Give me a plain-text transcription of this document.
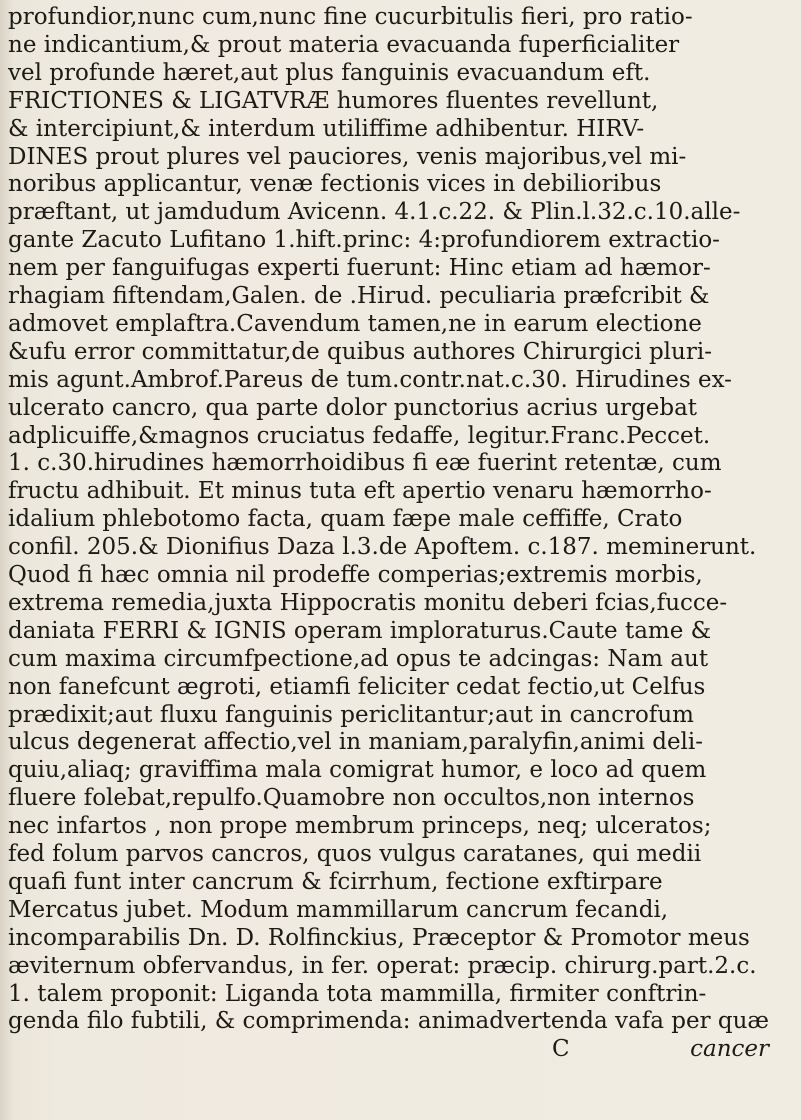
profundior,nunc cum,nunc fine cucurbitulis fieri, pro ratio-
ne indicantium,& prout materia evacuanda fuperficialiter
vel profunde hæret,aut plus fanguinis evacuandum eft.
FRICTIONES & LIGATVRÆ humores fluentes revellunt,
& intercipiunt,& interdum utiliffime adhibentur. HIRV-
DINES prout plures vel pauciores, venis majoribus,vel mi-
noribus applicantur, venæ fectionis vices in debilioribus
præftant, ut jamdudum Avicenn. 4.1.c.22. & Plin.l.32.c.10.alle-
gante Zacuto Lufitano 1.hift.princ: 4:profundiorem extractio-
nem per fanguifugas experti fuerunt: Hinc etiam ad hæmor-
rhagiam fiftendam,Galen. de .Hirud. peculiaria præfcribit &
admovet emplaftra.Cavendum tamen,ne in earum electione
&ufu error committatur,de quibus authores Chirurgici pluri-
mis agunt.Ambrof.Pareus de tum.contr.nat.c.30. Hirudines ex-
ulcerato cancro, qua parte dolor punctorius acrius urgebat
adplicuiffe,&magnos cruciatus fedaffe, legitur.Franc.Peccet.
1. c.30.hirudines hæmorrhoidibus fi eæ fuerint retentæ, cum
fructu adhibuit. Et minus tuta eft apertio venaru hæmorrho-
idalium phlebotomo facta, quam fæpe male ceffiffe, Crato
confil. 205.& Dionifius Daza l.3.de Apoftem. c.187. meminerunt.
Quod fi hæc omnia nil prodeffe comperias;extremis morbis,
extrema remedia,juxta Hippocratis monitu deberi fcias,fucce-
daniata FERRI & IGNIS operam imploraturus.Caute tame &
cum maxima circumfpectione,ad opus te adcingas: Nam aut
non fanefcunt ægroti, etiamfi feliciter cedat fectio,ut Celfus
prædixit;aut fluxu fanguinis periclitantur;aut in cancrofum
ulcus degenerat affectio,vel in maniam,paralyfin,animi deli-
quiu,aliaq; graviffima mala comigrat humor, e loco ad quem
fluere folebat,repulfo.Quamobre non occultos,non internos
nec infartos , non prope membrum princeps, neq; ulceratos;
fed folum parvos cancros, quos vulgus caratanes, qui medii
quafi funt inter cancrum & fcirrhum, fectione exftirpare
Mercatus jubet. Modum mammillarum cancrum fecandi,
incomparabilis Dn. D. Rolfinckius, Præceptor & Promotor meus
æviternum obfervandus, in fer. operat: præcip. chirurg.part.2.c.
1. talem proponit: Liganda tota mammilla, firmiter conftrin-
genda filo fubtili, & comprimenda: animadvertenda vafa per quæ
C	cancer
